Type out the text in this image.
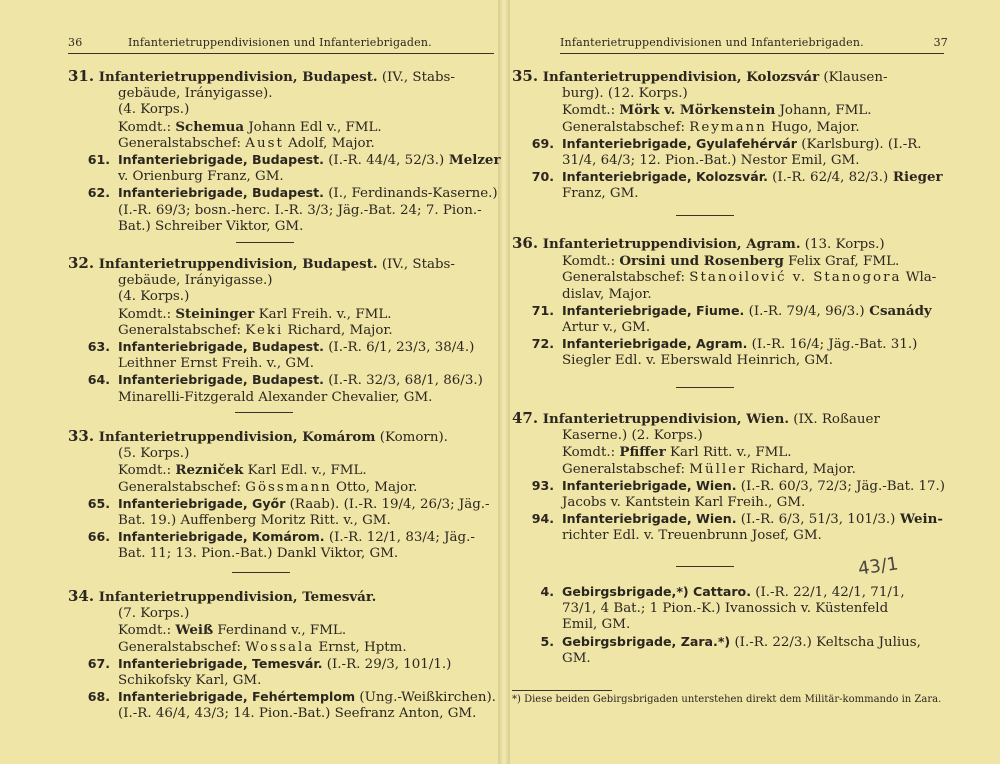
36	Infanterietruppendivisionen und Infanteriebrigaden.	Infanterietruppendivisionen und Infanteriebrigaden.	37
31. Infanterietruppendivision, Budapest. (IV., Stabs-
gebäude, Irányigasse).
(4. Korps.)
Komdt.: Schemua Johann Edl v., FML.
Generalstabschef: Aust Adolf, Major.
61. Infanteriebrigade, Budapest. (I.-R. 44/4, 52/3.) Melzer
v. Orienburg Franz, GM.
62. Infanteriebrigade, Budapest. (I., Ferdinands-Kaserne.)
(I.-R. 69/3; bosn.-herc. I.-R. 3/3; Jäg.-Bat. 24; 7. Pion.-
Bat.) Schreiber Viktor, GM.
32. Infanterietruppendivision, Budapest. (IV., Stabs-
gebäude, Irányigasse.)
(4. Korps.)
Komdt.: Steininger Karl Freih. v., FML.
Generalstabschef: Keki Richard, Major.
63. Infanteriebrigade, Budapest. (I.-R. 6/1, 23/3, 38/4.)
Leithner Ernst Freih. v., GM.
64. Infanteriebrigade, Budapest. (I.-R. 32/3, 68/1, 86/3.)
Minarelli-Fitzgerald Alexander Chevalier, GM.
33. Infanterietruppendivision, Komárom (Komorn).
(5. Korps.)
Komdt.: Rezniček Karl Edl. v., FML.
Generalstabschef: Gössmann Otto, Major.
65. Infanteriebrigade, Győr (Raab). (I.-R. 19/4, 26/3; Jäg.-
Bat. 19.) Auffenberg Moritz Ritt. v., GM.
66. Infanteriebrigade, Komárom. (I.-R. 12/1, 83/4; Jäg.-
Bat. 11; 13. Pion.-Bat.) Dankl Viktor, GM.
34. Infanterietruppendivision, Temesvár.
(7. Korps.)
Komdt.: Weiß Ferdinand v., FML.
Generalstabschef: Wossala Ernst, Hptm.
67. Infanteriebrigade, Temesvár. (I.-R. 29/3, 101/1.)
Schikofsky Karl, GM.
68. Infanteriebrigade, Fehértemplom (Ung.-Weißkirchen).
(I.-R. 46/4, 43/3; 14. Pion.-Bat.) Seefranz Anton, GM.
35. Infanterietruppendivision, Kolozsvár (Klausen-
burg). (12. Korps.)
Komdt.: Mörk v. Mörkenstein Johann, FML.
Generalstabschef: Reymann Hugo, Major.
69. Infanteriebrigade, Gyulafehérvár (Karlsburg). (I.-R.
31/4, 64/3; 12. Pion.-Bat.) Nestor Emil, GM.
70. Infanteriebrigade, Kolozsvár. (I.-R. 62/4, 82/3.) Rieger
Franz, GM.
36. Infanterietruppendivision, Agram. (13. Korps.)
Komdt.: Orsini und Rosenberg Felix Graf, FML.
Generalstabschef: Stanoilović v. Stanogora Wla-
dislav, Major.
71. Infanteriebrigade, Fiume. (I.-R. 79/4, 96/3.) Csanády
Artur v., GM.
72. Infanteriebrigade, Agram. (I.-R. 16/4; Jäg.-Bat. 31.)
Siegler Edl. v. Eberswald Heinrich, GM.
47. Infanterietruppendivision, Wien. (IX. Roßauer
Kaserne.) (2. Korps.)
Komdt.: Pfiffer Karl Ritt. v., FML.
Generalstabschef: Müller Richard, Major.
93. Infanteriebrigade, Wien. (I.-R. 60/3, 72/3; Jäg.-Bat. 17.)
Jacobs v. Kantstein Karl Freih., GM.
94. Infanteriebrigade, Wien. (I.-R. 6/3, 51/3, 101/3.) Wein-
richter Edl. v. Treuenbrunn Josef, GM.
4. Gebirgsbrigade,*) Cattaro. (I.-R. 22/1, 42/1, 71/1,
73/1, 4 Bat.; 1 Pion.-K.) Ivanossich v. Küstenfeld
Emil, GM.
5. Gebirgsbrigade, Zara.*) (I.-R. 22/3.) Keltscha Julius,
GM.
43/1
*) Diese beiden Gebirgsbrigaden unterstehen direkt dem Militär-kommando in Zara.
